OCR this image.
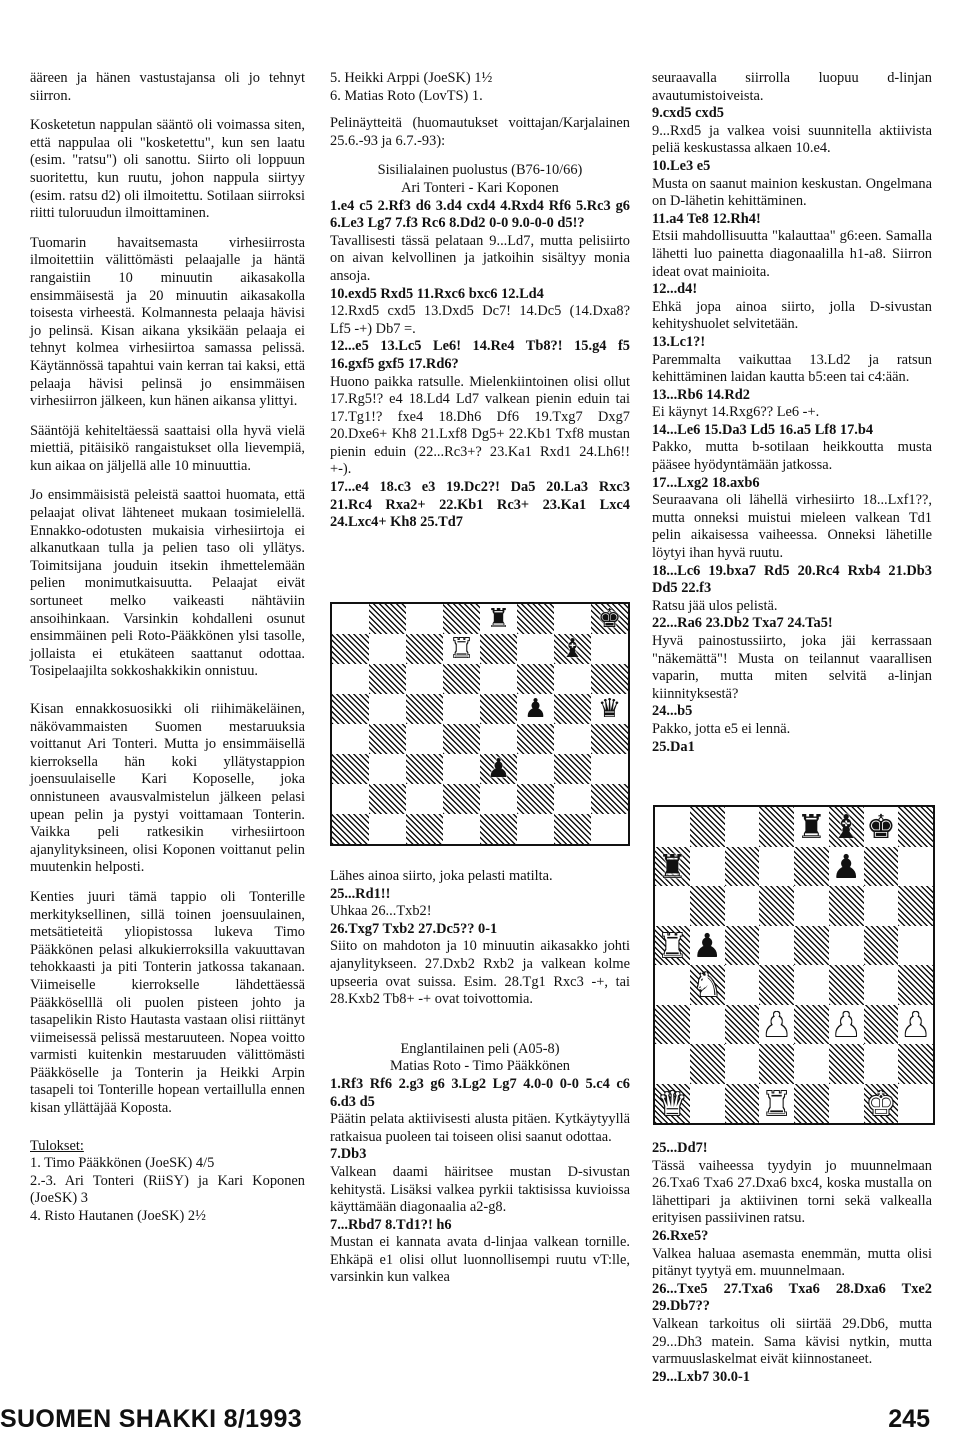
ääreen ja hänen vastustajansa oli jo tehnyt siirron.

Kosketetun nappulan sääntö oli voimassa siten, että nappulaa oli "kosketettu", kun sen laatu (esim. "ratsu") oli sanottu. Siirto oli loppuun suoritettu, kun ruutu, johon nappula siirtyy (esim. ratsu d2) oli ilmoitettu. Sotilaan siirroksi riitti tuloruudun ilmoittaminen.

Tuomarin havaitsemasta virhesiirrosta ilmoitettiin välittömästi pelaajalle ja häntä rangaistiin 10 minuutin aikasakolla ensimmäisestä ja 20 minuutin aikasakolla toisesta virheestä. Kolmannesta pelaaja hävisi jo pelinsä. Kisan aikana yksikään pelaaja ei tehnyt kolmea virhesiirtoa samassa pelissä. Käytännössä tapahtui vain kerran tai kaksi, että pelaaja hävisi pelinsä jo ensimmäisen virhesiirron jälkeen, kun hänen aikansa ylittyi.

Sääntöjä kehiteltäessä saattaisi olla hyvä vielä miettiä, pitäisikö rangaistukset olla lievempiä, kun aikaa on jäljellä alle 10 minuuttia.

Jo ensimmäisistä peleistä saattoi huomata, että pelaajat olivat lähteneet mukaan tosimielellä. Ennakko-odotusten mukaisia virhesiirtoja ei alkanutkaan tulla ja pelien taso oli yllätys. Toimitsijana jouduin itsekin ihmettelemään pelien monimutkaisuutta. Pelaajat eivät sortuneet melko vaikeasti nähtäviin ansoihinkaan. Varsinkin kohdalleni osunut ensimmäinen peli Roto-Pääkkönen ylsi tasolle, jollaista ei etukäteen saattanut odottaa. Tosipelaajilta sokkoshakkikin onnistuu.

Kisan ennakkosuosikki oli riihimäkeläinen, näkövammaisten Suomen mestaruuksia voittanut Ari Tonteri. Mutta jo ensimmäisellä kierroksella hän koki yllätystappion joensuulaiselle Kari Koposelle, joka onnistuneen avausvalmistelun jälkeen pelasi upean pelin ja pystyi voittamaan Tonterin. Vaikka peli ratkesikin virhesiirtoon ajanylityksineen, olisi Koponen voittanut pelin muutenkin helposti.

Kenties juuri tämä tappio oli Tonterille merkityksellinen, sillä toinen joensuulainen, metsätieteitä yliopistossa lukeva Timo Pääkkönen pelasi alkukierroksilla vakuuttavan tehokkaasti ja piti Tonterin jatkossa takanaan. Viimeiselle kierrokselle lähdettäessä Pääkköselllä oli puolen pisteen johto ja tasapelikin Risto Hautasta vastaan olisi riittänyt viimeisessä pelissä mestaruuteen. Nopea voitto varmisti kuitenkin mestaruuden välittömästi Pääkköselle ja Tonterin ja Heikki Arpin tasapeli toi Tonterille hopean vertaillulla ennen kisan yllättäjää Koposta.

Tulokset:
1. Timo Pääkkönen (JoeSK) 4/5
2.-3. Ari Tonteri (RiiSY) ja Kari Koponen (JoeSK) 3
4. Risto Hautanen (JoeSK) 2½
5. Heikki Arppi (JoeSK) 1½
6. Matias Roto (LovTS) 1.

Pelinäytteitä (huomautukset voittajan/Karjalainen 25.6.-93 ja 6.7.-93):

Sisilialainen puolustus (B76-10/66)
Ari Tonteri - Kari Koponen
1.e4 c5 2.Rf3 d6 3.d4 cxd4 4.Rxd4 Rf6 5.Rc3 g6 6.Le3 Lg7 7.f3 Rc6 8.Dd2 0-0 9.0-0-0 d5!?
Tavallisesti tässä pelataan 9...Ld7, mutta pelisiirto on aivan kelvollinen ja jatkoihin sisältyy monia ansoja.
10.exd5 Rxd5 11.Rxc6 bxc6 12.Ld4
12.Rxd5 cxd5 13.Dxd5 Dc7! 14.Dc5 (14.Dxa8? Lf5 -+) Db7 =.
12...e5 13.Lc5 Le6! 14.Re4 Tb8?! 15.g4 f5 16.gxf5 gxf5 17.Rd6?
Huono paikka ratsulle. Mielenkiintoinen olisi ollut 17.Rg5!? e4 18.Ld4 Ld7 valkean pienin eduin tai 17.Tg1!? fxe4 18.Dh6 Df6 19.Txg7 Dxg7 20.Dxe6+ Kh8 21.Lxf8 Dg5+ 22.Kb1 Txf8 mustan pienin eduin (22...Rc3+? 23.Ka1 Rxd1 24.Lh6!! +-).
17...e4 18.c3 e3 19.Dc2?! Da5 20.La3 Rxc3 21.Rc4 Rxa2+ 22.Kb1 Rc3+ 23.Ka1 Lxc4 24.Lxc4+ Kh8 25.Td7
♜	♚
♜	♝
♟ ♛
♟
Lähes ainoa siirto, joka pelasti matilta.
25...Rd1!!
Uhkaa 26...Txb2!
26.Txg7 Txb2 27.Dc5?? 0-1
Siito on mahdoton ja 10 minuutin aikasakko johti ajanylitykseen. 27.Dxb2 Rxb2 ja valkean kolme upseeria ovat suissa. Esim. 28.Tg1 Rxc3 -+, tai 28.Kxb2 Tb8+ -+ ovat toivottomia.
Englantilainen peli (A05-8)
Matias Roto - Timo Pääkkönen
1.Rf3 Rf6 2.g3 g6 3.Lg2 Lg7 4.0-0 0-0 5.c4 c6 6.d3 d5
Päätin pelata aktiivisesti alusta pitäen. Kytkäytyyllä ratkaisua puoleen tai toiseen olisi saanut odottaa.
7.Db3
Valkean daami häiritsee mustan D-sivustan kehitystä. Lisäksi valkea pyrkii taktisissa kuvioissa käyttämään diagonaalia a2-g8.
7...Rbd7 8.Td1?! h6
Mustan ei kannata avata d-linjaa valkean tornille. Ehkäpä e1 olisi ollut luonnollisempi ruutu vT:lle, varsinkin kun valkea
seuraavalla siirrolla luopuu d-linjan avautumistoiveista.
9.cxd5 cxd5
9...Rxd5 ja valkea voisi suunnitella aktiivista peliä keskustassa alkaen 10.e4.
10.Le3 e5
Musta on saanut mainion keskustan. Ongelmana on D-lähetin kehittäminen.
11.a4 Te8 12.Rh4!
Etsii mahdollisuutta "kalauttaa" g6:een. Samalla lähetti luo painetta diagonaalilla h1-a8. Siirron ideat ovat mainioita.
12...d4!
Ehkä jopa ainoa siirto, jolla D-sivustan kehityshuolet selvitetään.
13.Lc1?!
Paremmalta vaikuttaa 13.Ld2 ja ratsun kehittäminen laidan kautta b5:een tai c4:ään.
13...Rb6 14.Rd2
Ei käynyt 14.Rxg6?? Le6 -+.
14...Le6 15.Da3 Ld5 16.a5 Lf8 17.b4
Pakko, mutta b-sotilaan heikkoutta musta pääsee hyödyntämään jatkossa.
17...Lxg2 18.axb6
Seuraavana oli lähellä virhesiirto 18...Lxf1??, mutta onneksi muistui mieleen valkean Td1 pelin aikaisessa vaiheessa. Onneksi lähetille löytyi ihan hyvä ruutu.
18...Lc6 19.bxa7 Rd5 20.Rc4 Rxb4 21.Db3 Dd5 22.f3
Ratsu jää ulos pelistä.
22...Ra6 23.Db2 Txa7 24.Ta5!
Hyvä painostussiirto, joka jäi kerrassaan "näkemättä"! Musta on teilannut vaarallisen vaparin, mutta miten selvitä a-linjan kiinnityksestä?
24...b5
Pakko, jotta e5 ei lennä.
25.Da1
♜ ♝ ♚
♜	♟
♜ ♟
♞
♟ ♟ ♟
♛ ♜ ♚
25...Dd7!
Tässä vaiheessa tyydyin jo muunnelmaan 26.Txa6 Txa6 27.Dxa6 bxc4, koska mustalla on lähettipari ja aktiivinen torni sekä valkealla erityisen passiivinen ratsu.
26.Rxe5?
Valkea haluaa asemasta enemmän, mutta olisi pitänyt tyytyä em. muunnelmaan.
26...Txe5 27.Txa6 Txa6 28.Dxa6 Txe2 29.Db7??
Valkean tarkoitus oli siirtää 29.Db6, mutta 29...Dh3 matein. Sama kävisi nytkin, mutta varmuuslaskelmat eivät kiinnostaneet.
29...Lxb7 30.0-1
SUOMEN SHAKKI 8/1993	245
